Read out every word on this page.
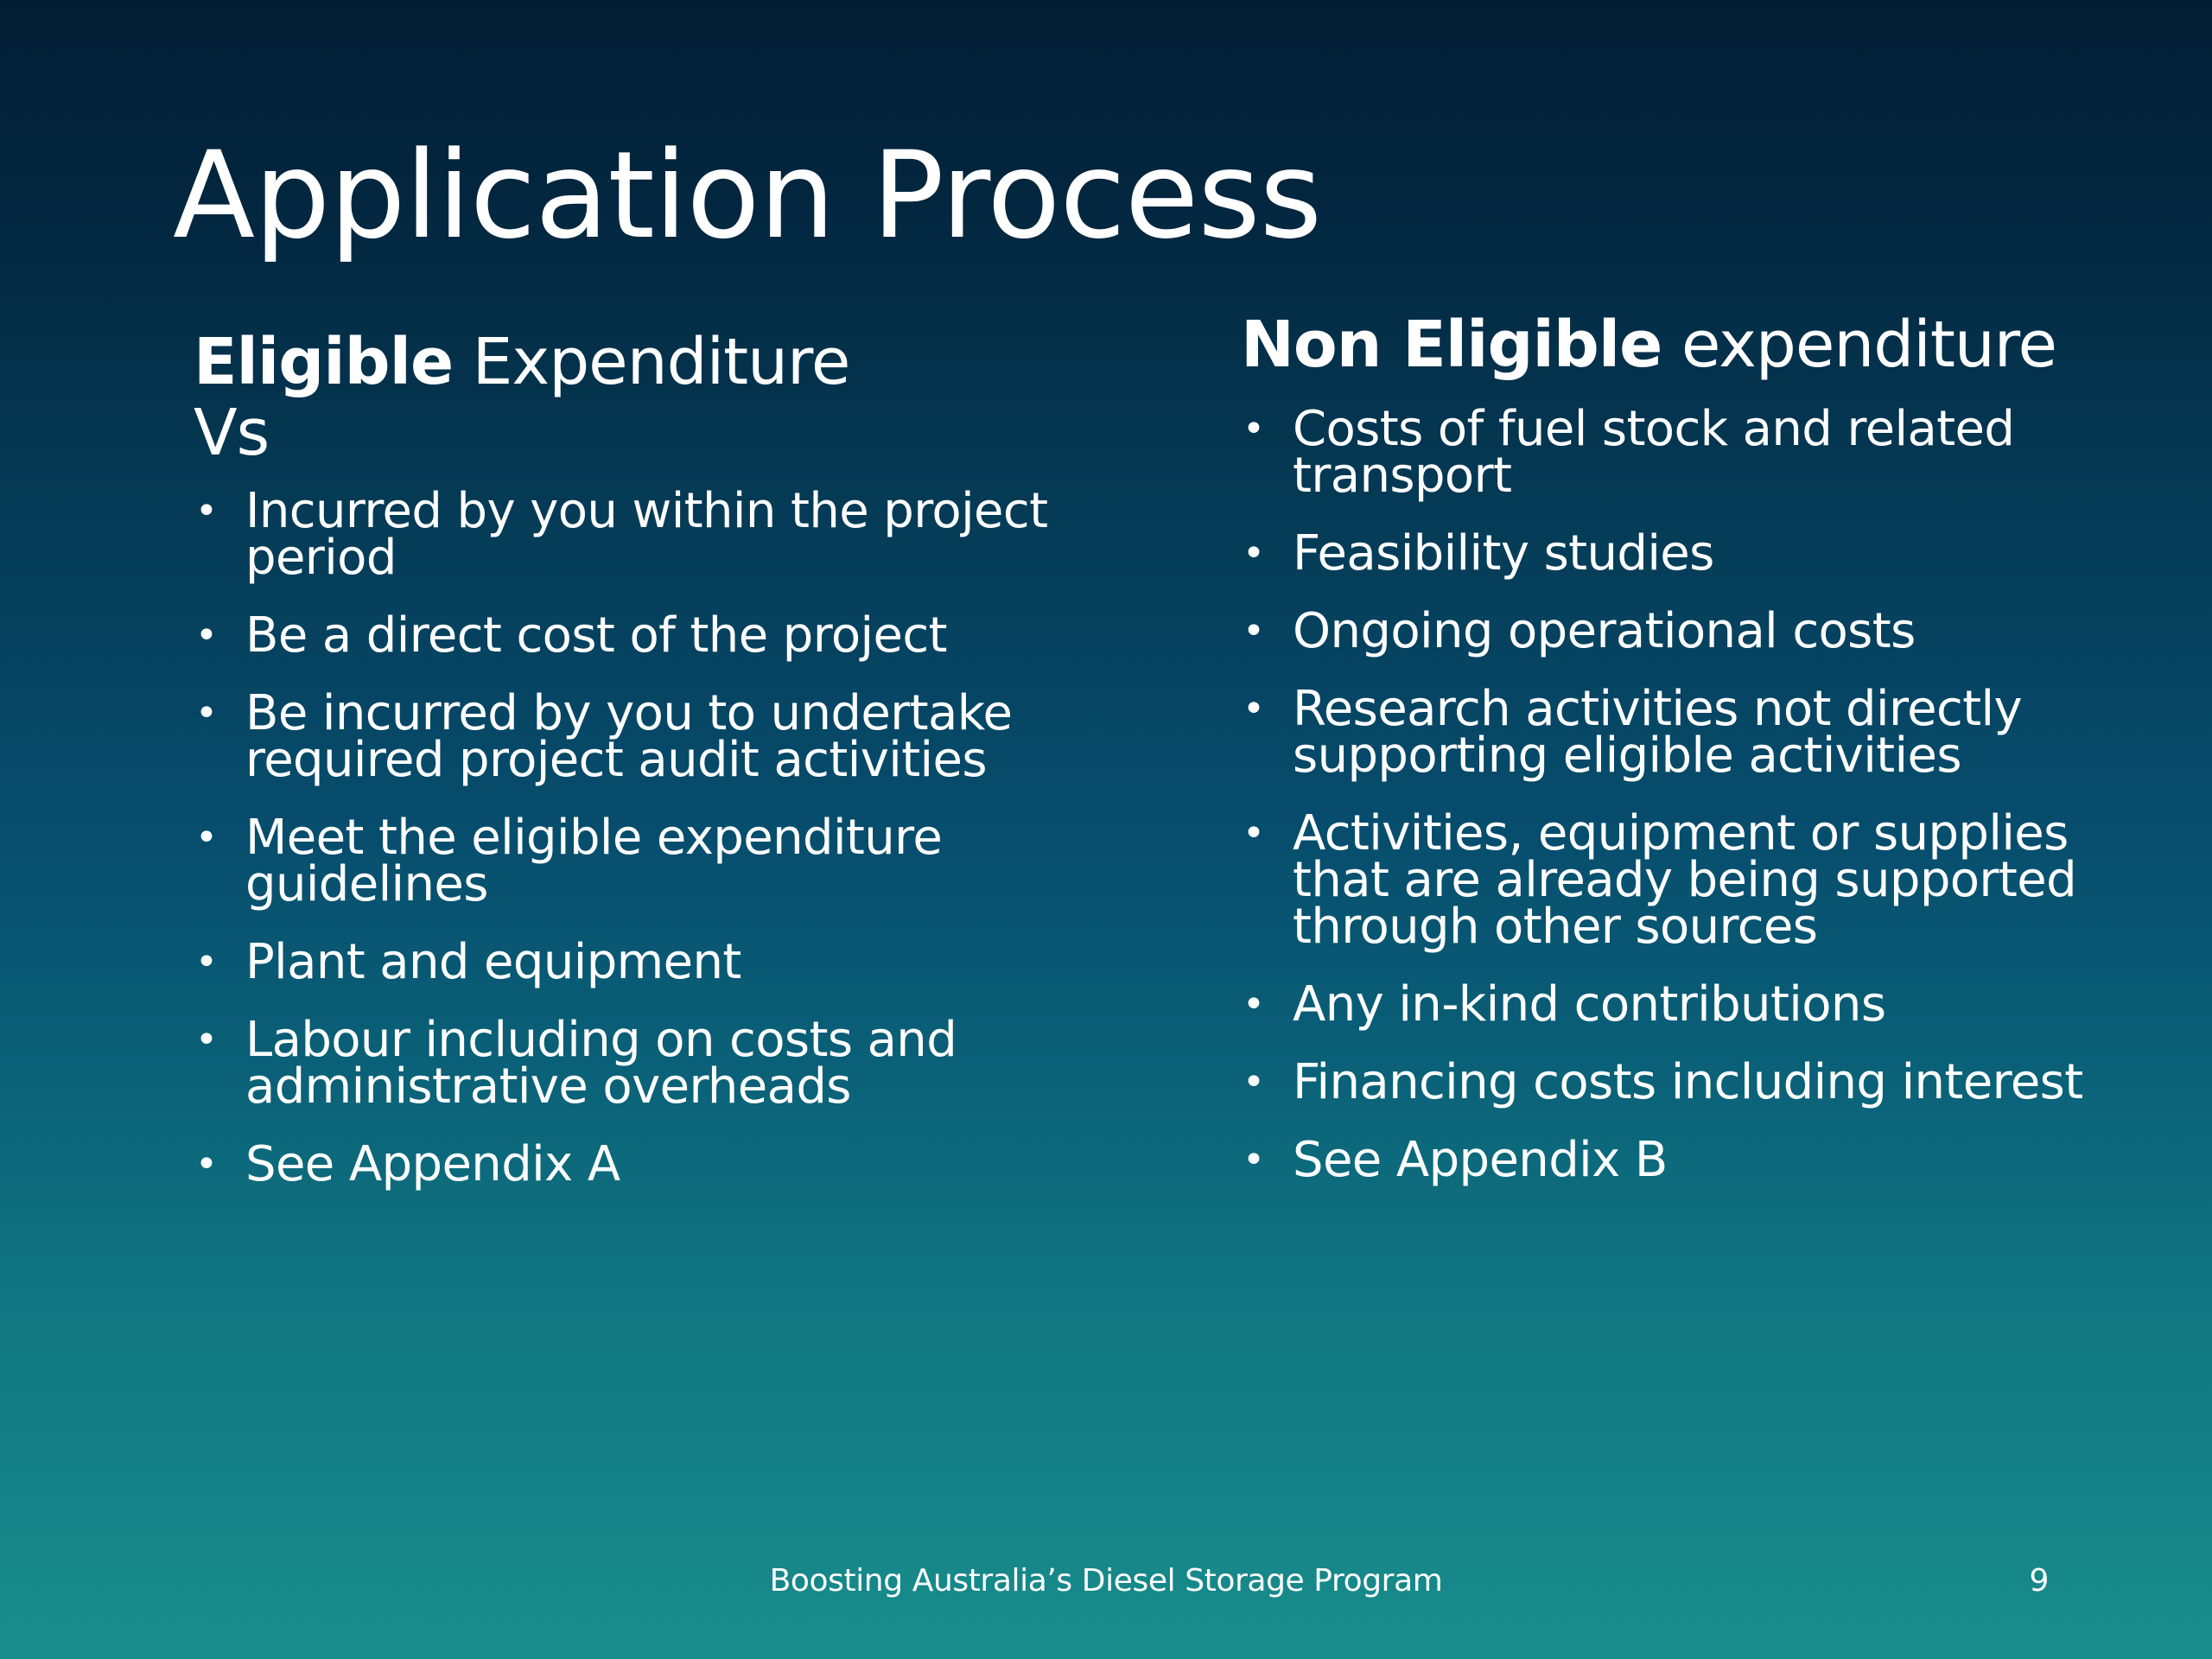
Application Process
Eligible Expenditure
Vs
• Incurred by you within the project period
• Be a direct cost of the project
• Be incurred by you to undertake required project audit activities
• Meet the eligible expenditure guidelines
• Plant and equipment
• Labour including on costs and administrative overheads
• See Appendix A
Non Eligible expenditure
• Costs of fuel stock and related transport
• Feasibility studies
• Ongoing operational costs
• Research activities not directly supporting eligible activities
• Activities, equipment or supplies that are already being supported through other sources
• Any in-kind contributions
• Financing costs including interest
• See Appendix B
Boosting Australia’s Diesel Storage Program	9
